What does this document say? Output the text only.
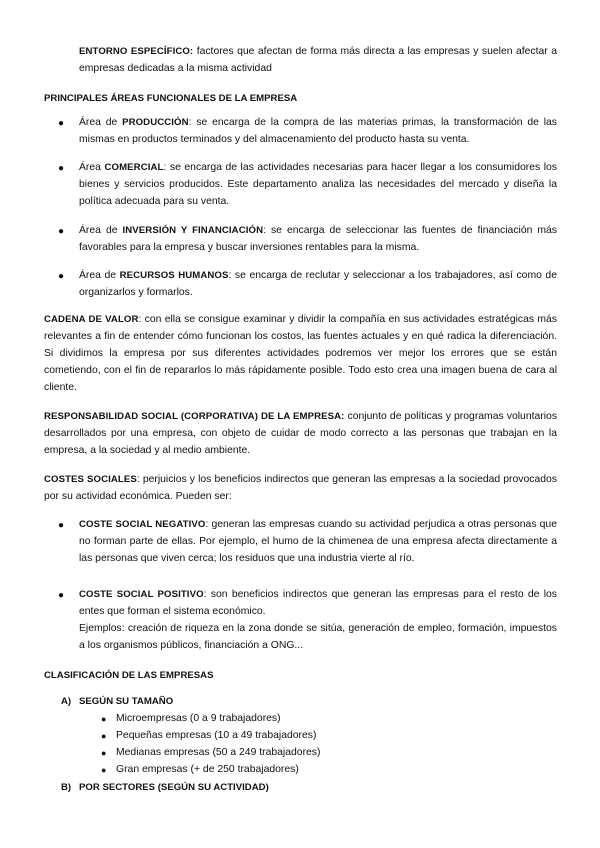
ENTORNO ESPECÍFICO: factores que afectan de forma más directa a las empresas y suelen afectar a empresas dedicadas a la misma actividad

PRINCIPALES ÁREAS FUNCIONALES DE LA EMPRESA
● Área de PRODUCCIÓN: se encarga de la compra de las materias primas, la transformación de las mismas en productos terminados y del almacenamiento del producto hasta su venta.

● Área COMERCIAL: se encarga de las actividades necesarias para hacer llegar a los consumidores los bienes y servicios producidos. Este departamento analiza las necesidades del mercado y diseña la política adecuada para su venta.

● Área de INVERSIÓN Y FINANCIACIÓN: se encarga de seleccionar las fuentes de financiación más favorables para la empresa y buscar inversiones rentables para la misma.

● Área de RECURSOS HUMANOS: se encarga de reclutar y seleccionar a los trabajadores, así como de organizarlos y formarlos.

CADENA DE VALOR: con ella se consigue examinar y dividir la compañía en sus actividades estratégicas más relevantes a fin de entender cómo funcionan los costos, las fuentes actuales y en qué radica la diferenciación. Si dividimos la empresa por sus diferentes actividades podremos ver mejor los errores que se están cometiendo, con el fin de repararlos lo más rápidamente posible. Todo esto crea una imagen buena de cara al cliente.

RESPONSABILIDAD SOCIAL (CORPORATIVA) DE LA EMPRESA: conjunto de políticas y programas voluntarios desarrollados por una empresa, con objeto de cuidar de modo correcto a las personas que trabajan en la empresa, a la sociedad y al medio ambiente.

COSTES SOCIALES: perjuicios y los beneficios indirectos que generan las empresas a la sociedad provocados por su actividad económica. Pueden ser:

● COSTE SOCIAL NEGATIVO: generan las empresas cuando su actividad perjudica a otras personas que no forman parte de ellas. Por ejemplo, el humo de la chimenea de una empresa afecta directamente a las personas que viven cerca; los residuos que una industria vierte al río.

● COSTE SOCIAL POSITIVO: son beneficios indirectos que generan las empresas para el resto de los entes que forman el sistema económico.

Ejemplos: creación de riqueza en la zona donde se sitúa, generación de empleo, formación, impuestos a los organismos públicos, financiación a ONG...

CLASIFICACIÓN DE LAS EMPRESAS
A) SEGÚN SU TAMAÑO
● Microempresas (0 a 9 trabajadores)
● Pequeñas empresas (10 a 49 trabajadores)
● Medianas empresas (50 a 249 trabajadores)
● Gran empresas (+ de 250 trabajadores)
B) POR SECTORES (SEGÚN SU ACTIVIDAD)
